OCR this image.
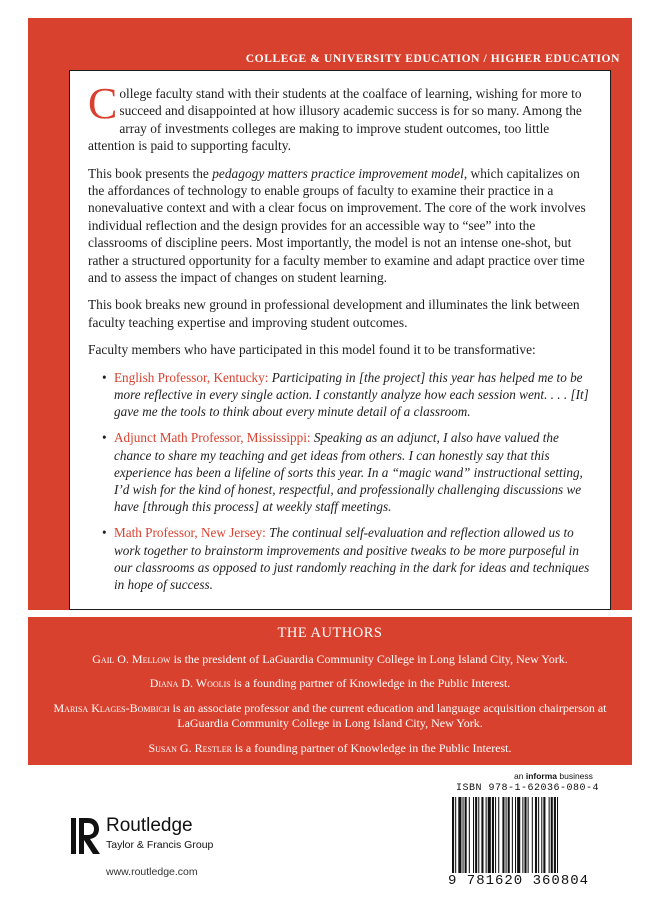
COLLEGE & UNIVERSITY EDUCATION / HIGHER EDUCATION

College faculty stand with their students at the coalface of learning, wishing for more to succeed and disappointed at how illusory academic success is for so many. Among the array of investments colleges are making to improve student outcomes, too little attention is paid to supporting faculty.

This book presents the pedagogy matters practice improvement model, which capitalizes on the affordances of technology to enable groups of faculty to examine their practice in a nonevaluative context and with a clear focus on improvement. The core of the work involves individual reflection and the design provides for an accessible way to “see” into the classrooms of discipline peers. Most importantly, the model is not an intense one-shot, but rather a structured opportunity for a faculty member to examine and adapt practice over time and to assess the impact of changes on student learning.

This book breaks new ground in professional development and illuminates the link between faculty teaching expertise and improving student outcomes.

Faculty members who have participated in this model found it to be transformative:

• English Professor, Kentucky: Participating in [the project] this year has helped me to be more reflective in every single action. I constantly analyze how each session went. . . . [It] gave me the tools to think about every minute detail of a classroom.
• Adjunct Math Professor, Mississippi: Speaking as an adjunct, I also have valued the chance to share my teaching and get ideas from others. I can honestly say that this experience has been a lifeline of sorts this year. In a “magic wand” instructional setting, I’d wish for the kind of honest, respectful, and professionally challenging discussions we have [through this process] at weekly staff meetings.
• Math Professor, New Jersey: The continual self-evaluation and reflection allowed us to work together to brainstorm improvements and positive tweaks to be more purposeful in our classrooms as opposed to just randomly reaching in the dark for ideas and techniques in hope of success.
THE AUTHORS
Gail O. Mellow is the president of LaGuardia Community College in Long Island City, New York.
Diana D. Woolis is a founding partner of Knowledge in the Public Interest.
Marisa Klages-Bombich is an associate professor and the current education and language acquisition chairperson at LaGuardia Community College in Long Island City, New York.
Susan G. Restler is a founding partner of Knowledge in the Public Interest.
Routledge
Taylor & Francis Group
www.routledge.com
an informa business
ISBN 978-1-62036-080-4
9 781620 360804
